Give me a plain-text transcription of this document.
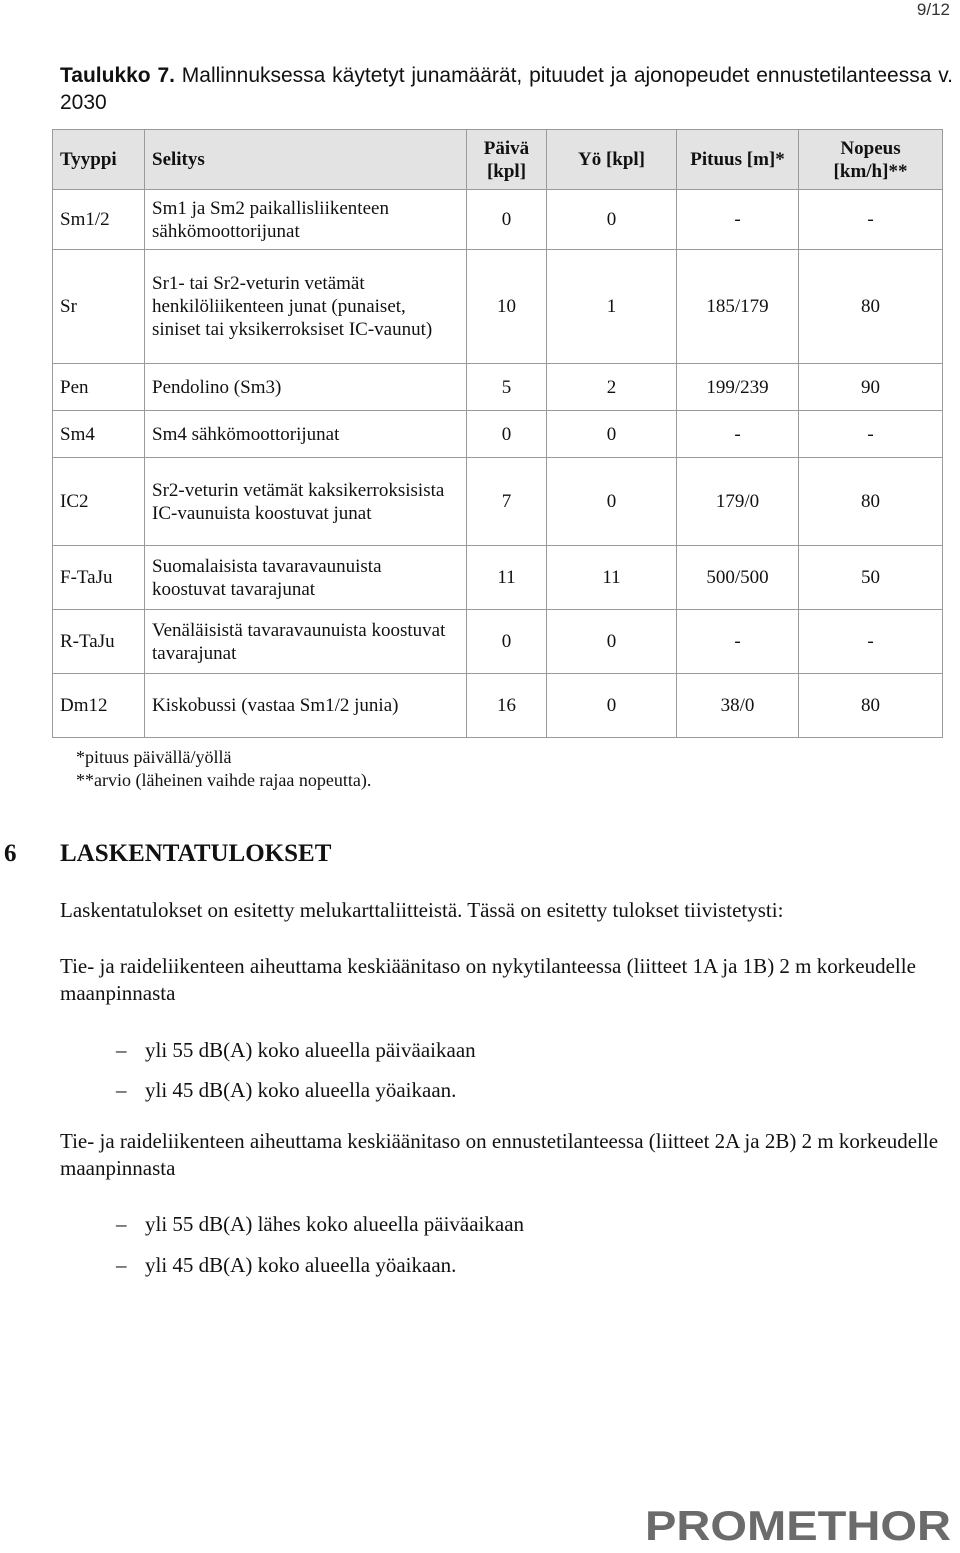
9/12
Taulukko 7. Mallinnuksessa käytetyt junamäärät, pituudet ja ajonopeudet ennustetilanteessa v. 2030
Tyyppi	Selitys	Päivä [kpl]	Yö [kpl]	Pituus [m]*	Nopeus [km/h]**
Sm1/2	Sm1 ja Sm2 paikallisliikenteen sähkömoottorijunat	0	0	-	-
Sr	Sr1- tai Sr2-veturin vetämät henkilöliikenteen junat (punaiset, siniset tai yksikerroksiset IC-vaunut)	10	1	185/179	80
Pen	Pendolino (Sm3)	5	2	199/239	90
Sm4	Sm4 sähkömoottorijunat	0	0	-	-
IC2	Sr2-veturin vetämät kaksikerroksisista IC-vaunuista koostuvat junat	7	0	179/0	80
F-TaJu	Suomalaisista tavaravaunuista koostuvat tavarajunat	11	11	500/500	50
R-TaJu	Venäläisistä tavaravaunuista koostuvat tavarajunat	0	0	-	-
Dm12	Kiskobussi (vastaa Sm1/2 junia)	16	0	38/0	80
*pituus päivällä/yöllä
**arvio (läheinen vaihde rajaa nopeutta).
6 LASKENTATULOKSET
Laskentatulokset on esitetty melukarttaliitteistä. Tässä on esitetty tulokset tiivistetysti:
Tie- ja raideliikenteen aiheuttama keskiäänitaso on nykytilanteessa (liitteet 1A ja 1B) 2 m korkeudelle maanpinnasta
– yli 55 dB(A) koko alueella päiväaikaan
– yli 45 dB(A) koko alueella yöaikaan.
Tie- ja raideliikenteen aiheuttama keskiäänitaso on ennustetilanteessa (liitteet 2A ja 2B) 2 m korkeudelle maanpinnasta
– yli 55 dB(A) lähes koko alueella päiväaikaan
– yli 45 dB(A) koko alueella yöaikaan.
PROMETHOR
